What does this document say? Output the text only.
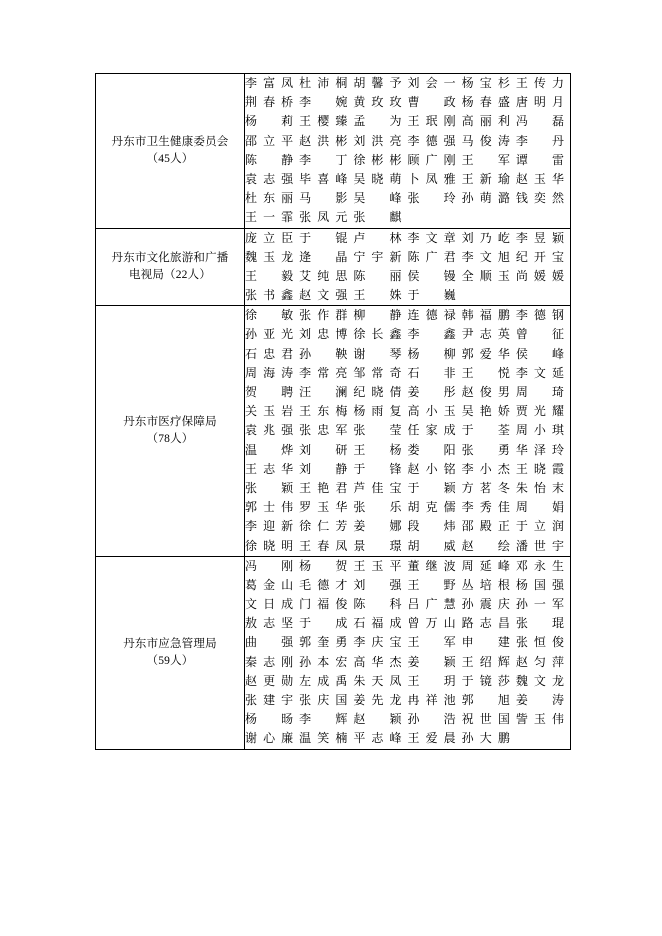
丹东市卫生健康委员会
（45人）

李富凤 杜沛桐 胡馨予 刘会一 杨宝杉 王传力
荆春桥 李婉 黄玫玫 曹政 杨春盛 唐明月
杨莉 王樱臻 孟为 王珉刚 高丽利 冯磊
邵立平 赵洪彬 刘洪亮 李德强 马俊涛 李丹
陈静 李丁 徐彬彬 顾广刚 王军 谭雷
袁志强 毕喜峰 吴晓萌 卜凤雅 王新瑜 赵玉华
杜东丽 马影 吴峰 张玲 孙萌潞 钱奕然
王一霏 张凤元 张麒

丹东市文化旅游和广播
电视局（22人）

庞立臣 于锟 卢林 李文章 刘乃屹 李昱颖
魏玉龙 逄晶 宁宇新 陈广君 李文旭 纪开宝
王毅 艾纯思 陈丽 侯镘 全顺玉 尚媛媛
张书鑫 赵文强 王姝 于巍

丹东市医疗保障局
（78人）

徐敏 张作群 柳静 连德禄 韩福鹏 李德钢
孙亚光 刘忠博 徐长鑫 李鑫 尹志英 曾征
石忠君 孙鞅 谢琴 杨柳 郭爱华 侯峰
周海涛 李常亮 邹常奇 石非 王悦 李文延
贺聘 汪澜 纪晓倩 姜彤 赵俊男 周琦
关玉岩 王东梅 杨雨复 高小玉 吴艳娇 贾光耀
袁兆强 张忠军 张莹 任家成 于荃 周小琪
温烨 刘研 王杨 娄阳 张勇 华泽玲
王志华 刘静 于锋 赵小铭 李小杰 王晓霞
张颖 王艳君 芦佳宝 于颖 方茗冬 朱怡末
郭士伟 罗玉华 张乐 胡克儒 李秀佳 周娟
李迎新 徐仁芳 姜娜 段炜 邵殿正 于立润
徐晓明 王春凤 景璟 胡威 赵绘 潘世宇

丹东市应急管理局
（59人）

冯刚 杨贺 王玉平 董继波 周延峰 邓永生
葛金山 毛德才 刘强 王野 丛培根 杨国强
文日成 门福俊 陈科 吕广慧 孙震庆 孙一军
敖志坚 于成 石福成 曾万山 路志昌 张琨
曲强 郭奎勇 李庆宝 王军 申建 张恒俊
秦志刚 孙本宏 高华杰 姜颖 王绍辉 赵匀萍
赵更勋 左成禹 朱天凤 王玥 于镜莎 魏文龙
张建宇 张庆国 姜先龙 冉祥池 郭旭 姜涛
杨旸 李辉 赵颖 孙浩 祝世国 訾玉伟
谢心廉 温笑楠 平志峰 王爱晨 孙大鹏
